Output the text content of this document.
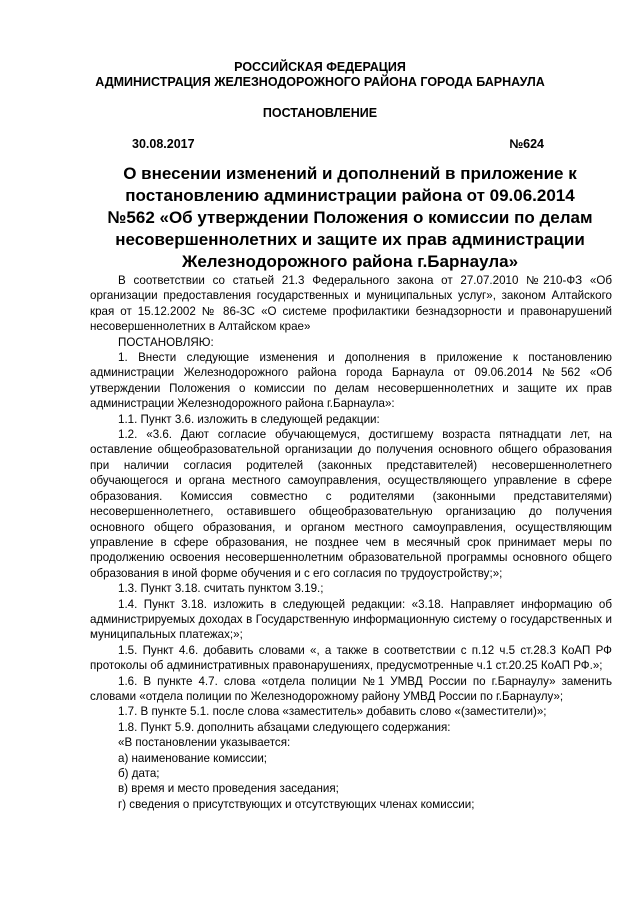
РОССИЙСКАЯ ФЕДЕРАЦИЯ
АДМИНИСТРАЦИЯ ЖЕЛЕЗНОДОРОЖНОГО РАЙОНА ГОРОДА БАРНАУЛА
ПОСТАНОВЛЕНИЕ
30.08.2017	№624
О внесении изменений и дополнений в приложение к постановлению администрации района от 09.06.2014 №562 «Об утверждении Положения о комиссии по делам несовершеннолетних и защите их прав администрации Железнодорожного района г.Барнаула»

В соответствии со статьей 21.3 Федерального закона от 27.07.2010 №210-ФЗ «Об организации предоставления государственных и муниципальных услуг», законом Алтайского края от 15.12.2002 № 86-ЗС «О системе профилактики безнадзорности и правонарушений несовершеннолетних в Алтайском крае»

ПОСТАНОВЛЯЮ:

1. Внести следующие изменения и дополнения в приложение к постановлению администрации Железнодорожного района города Барнаула от 09.06.2014 №562 «Об утверждении Положения о комиссии по делам несовершеннолетних и защите их прав администрации Железнодорожного района г.Барнаула»:

1.1. Пункт 3.6. изложить в следующей редакции:

1.2. «3.6. Дают согласие обучающемуся, достигшему возраста пятнадцати лет, на оставление общеобразовательной организации до получения основного общего образования при наличии согласия родителей (законных представителей) несовершеннолетнего обучающегося и органа местного самоуправления, осуществляющего управление в сфере образования. Комиссия совместно с родителями (законными представителями) несовершеннолетнего, оставившего общеобразовательную организацию до получения основного общего образования, и органом местного самоуправления, осуществляющим управление в сфере образования, не позднее чем в месячный срок принимает меры по продолжению освоения несовершеннолетним образовательной программы основного общего образования в иной форме обучения и с его согласия по трудоустройству;»;

1.3. Пункт 3.18. считать пунктом 3.19.;

1.4. Пункт 3.18. изложить в следующей редакции: «3.18. Направляет информацию об администрируемых доходах в Государственную информационную систему о государственных и муниципальных платежах;»;

1.5. Пункт 4.6. добавить словами «, а также в соответствии с п.12 ч.5 ст.28.3 КоАП РФ протоколы об административных правонарушениях, предусмотренные ч.1 ст.20.25 КоАП РФ.»;

1.6. В пункте 4.7. слова «отдела полиции №1 УМВД России по г.Барнаулу» заменить словами «отдела полиции по Железнодорожному району УМВД России по г.Барнаулу»;

1.7. В пункте 5.1. после слова «заместитель» добавить слово «(заместители)»;

1.8. Пункт 5.9. дополнить абзацами следующего содержания:

«В постановлении указывается:

а) наименование комиссии;

б) дата;

в) время и место проведения заседания;

г) сведения о присутствующих и отсутствующих членах комиссии;
